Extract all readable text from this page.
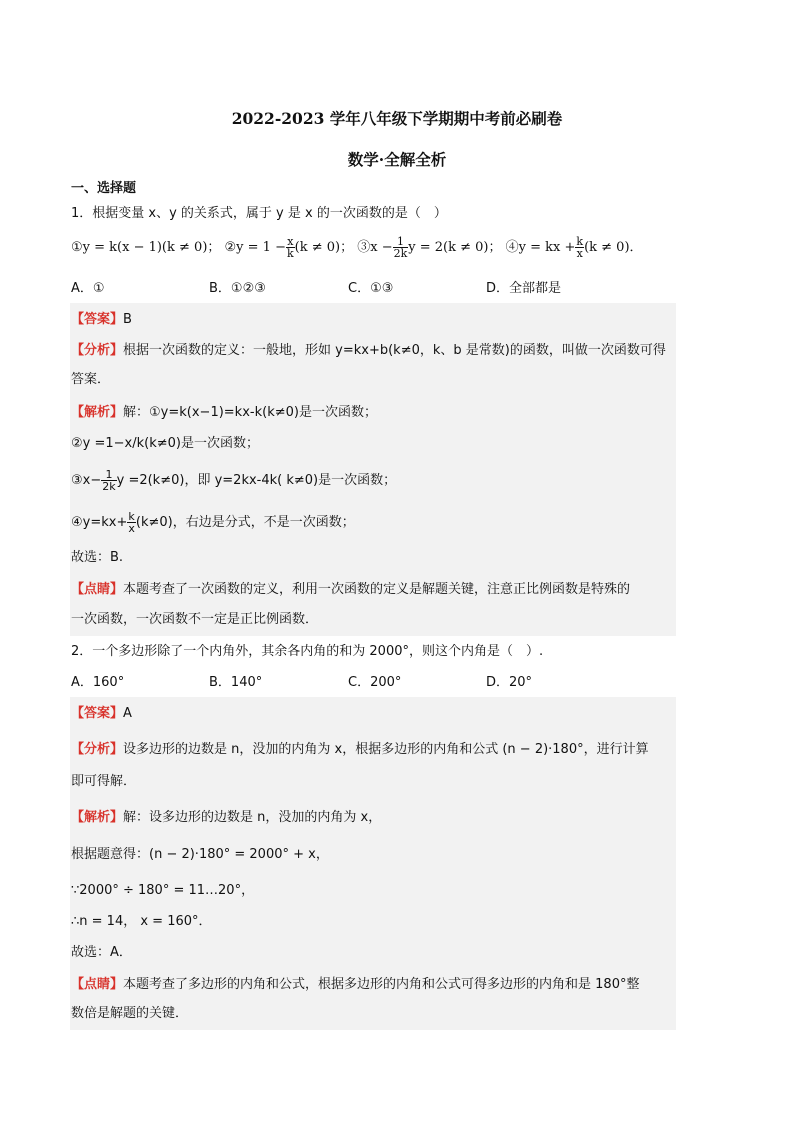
2022-2023 学年八年级下学期期中考前必刷卷
数学·全解全析
一、选择题
1．根据变量 x、y 的关系式，属于 y 是 x 的一次函数的是（　）
①y = k(x − 1)(k ≠ 0)； ②y = $1 - \frac{x}{k} (k \ne 0)$； ③x − $\frac{1}{2k}$ y = 2(k ≠ 0)； ④y = kx + $\frac{k}{x} (k \ne 0)$．
A．①	B．①②③	C．①③	D．全部都是
【答案】B
【分析】根据一次函数的定义：一般地，形如 y=kx+b(k≠0，k、b 是常数)的函数，叫做一次函数可得
答案．
【解析】解：①y=k(x−1)=kx-k(k≠0)是一次函数；
②y =1−x/k(k≠0)是一次函数；
③x− $\frac{1}{2k}$ y =2(k≠0)，即 y=2kx-4k( k≠0)是一次函数；
④y=kx+ $\frac{k}{x} (k\ne 0)$，右边是分式，不是一次函数；
故选：B.
【点睛】本题考查了一次函数的定义，利用一次函数的定义是解题关键，注意正比例函数是特殊的
一次函数，一次函数不一定是正比例函数．
2．一个多边形除了一个内角外，其余各内角的和为 2000°，则这个内角是（　）.
A．160°	B．140°	C．200°	D．20°
【答案】A
【分析】设多边形的边数是 n，没加的内角为 x，根据多边形的内角和公式 (n − 2)·180°，进行计算
即可得解．
【解析】解：设多边形的边数是 n，没加的内角为 x，
根据题意得：(n − 2)·180° = 2000° + x，
∵2000° ÷ 180° = 11…20°，
∴n = 14， x = 160°．
故选：A．
【点睛】本题考查了多边形的内角和公式，根据多边形的内角和公式可得多边形的内角和是 180°整
数倍是解题的关键．
